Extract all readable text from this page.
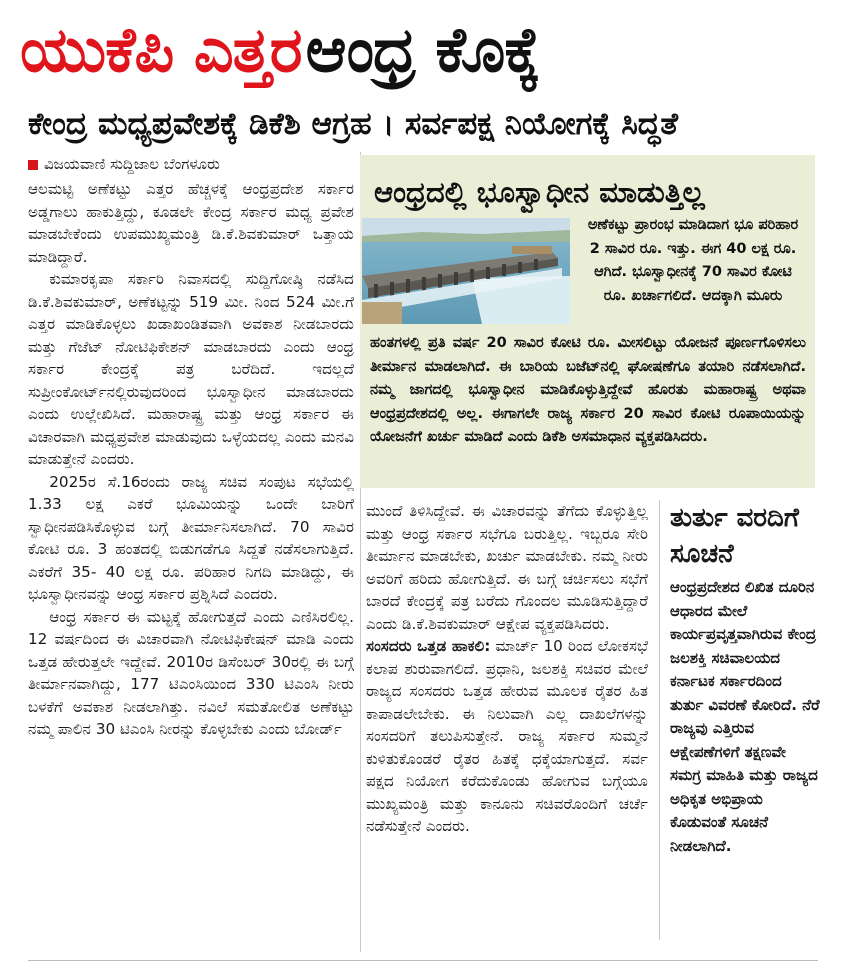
ಯುಕೆಪಿ ಎತ್ತರ ಆಂಧ್ರ ಕೊಕ್ಕೆ
ಕೇಂದ್ರ ಮಧ್ಯಪ್ರವೇಶಕ್ಕೆ ಡಿಕೆಶಿ ಆಗ್ರಹ । ಸರ್ವಪಕ್ಷ ನಿಯೋಗಕ್ಕೆ ಸಿದ್ಧತೆ
ವಿಜಯವಾಣಿ ಸುದ್ದಿಜಾಲ ಬೆಂಗಳೂರು

ಆಲಮಟ್ಟಿ ಅಣೆಕಟ್ಟು ಎತ್ತರ ಹೆಚ್ಚಳಕ್ಕೆ ಆಂಧ್ರಪ್ರದೇಶ ಸರ್ಕಾರ ಅಡ್ಡಗಾಲು ಹಾಕುತ್ತಿದ್ದು, ಕೂಡಲೇ ಕೇಂದ್ರ ಸರ್ಕಾರ ಮಧ್ಯ ಪ್ರವೇಶ ಮಾಡಬೇಕೆಂದು ಉಪಮುಖ್ಯಮಂತ್ರಿ ಡಿ.ಕೆ.ಶಿವಕುಮಾರ್ ಒತ್ತಾಯ ಮಾಡಿದ್ದಾರೆ.

ಕುಮಾರಕೃಪಾ ಸರ್ಕಾರಿ ನಿವಾಸದಲ್ಲಿ ಸುದ್ದಿಗೋಷ್ಠಿ ನಡೆಸಿದ ಡಿ.ಕೆ.ಶಿವಕುಮಾರ್, ಅಣೆಕಟ್ಟನ್ನು 519 ಮೀ. ನಿಂದ 524 ಮೀ.ಗೆ ಎತ್ತರ ಮಾಡಿಕೊಳ್ಳಲು ಖಡಾಖಂಡಿತವಾಗಿ ಅವಕಾಶ ನೀಡಬಾರದು ಮತ್ತು ಗೆಜೆಟ್ ನೋಟಿಫಿಕೇಶನ್ ಮಾಡಬಾರದು ಎಂದು ಆಂಧ್ರ ಸರ್ಕಾರ ಕೇಂದ್ರಕ್ಕೆ ಪತ್ರ ಬರೆದಿದೆ. ಇದಲ್ಲದೆ ಸುಪ್ರೀಂಕೋರ್ಟ್‌ನಲ್ಲಿರುವುದರಿಂದ ಭೂಸ್ವಾಧೀನ ಮಾಡಬಾರದು ಎಂದು ಉಲ್ಲೇಖಿಸಿದೆ. ಮಹಾರಾಷ್ಟ್ರ ಮತ್ತು ಆಂಧ್ರ ಸರ್ಕಾರ ಈ ವಿಚಾರವಾಗಿ ಮಧ್ಯಪ್ರವೇಶ ಮಾಡುವುದು ಒಳ್ಳೆಯದಲ್ಲ ಎಂದು ಮನವಿ ಮಾಡುತ್ತೇನೆ ಎಂದರು.

2025ರ ಸೆ.16ರಂದು ರಾಜ್ಯ ಸಚಿವ ಸಂಪುಟ ಸಭೆಯಲ್ಲಿ 1.33 ಲಕ್ಷ ಎಕರೆ ಭೂಮಿಯನ್ನು ಒಂದೇ ಬಾರಿಗೆ ಸ್ವಾಧೀನಪಡಿಸಿಕೊಳ್ಳುವ ಬಗ್ಗೆ ತೀರ್ಮಾನಿಸಲಾಗಿದೆ. 70 ಸಾವಿರ ಕೋಟಿ ರೂ. 3 ಹಂತದಲ್ಲಿ ಬಿಡುಗಡೆಗೂ ಸಿದ್ದತೆ ನಡೆಸಲಾಗುತ್ತಿದೆ. ಎಕರೆಗೆ 35- 40 ಲಕ್ಷ ರೂ. ಪರಿಹಾರ ನಿಗದಿ ಮಾಡಿದ್ದು, ಈ ಭೂಸ್ವಾಧೀನವನ್ನು ಆಂಧ್ರ ಸರ್ಕಾರ ಪ್ರಶ್ನಿಸಿದೆ ಎಂದರು.

ಆಂಧ್ರ ಸರ್ಕಾರ ಈ ಮಟ್ಟಕ್ಕೆ ಹೋಗುತ್ತದೆ ಎಂದು ಎಣಿಸಿರಲಿಲ್ಲ. 12 ವರ್ಷದಿಂದ ಈ ವಿಚಾರವಾಗಿ ನೋಟಿಫಿಕೇಷನ್ ಮಾಡಿ ಎಂದು ಒತ್ತಡ ಹೇರುತ್ತಲೇ ಇದ್ದೇವೆ. 2010ರ ಡಿಸೆಂಬರ್ 30ರಲ್ಲಿ ಈ ಬಗ್ಗೆ ತೀರ್ಮಾನವಾಗಿದ್ದು, 177 ಟಿಎಂಸಿಯಿಂದ 330 ಟಿಎಂಸಿ ನೀರು ಬಳಕೆಗೆ ಅವಕಾಶ ನೀಡಲಾಗಿತ್ತು. ನವಿಲೆ ಸಮತೋಲಿತ ಅಣೆಕಟ್ಟು ನಮ್ಮ ಪಾಲಿನ 30 ಟಿಎಂಸಿ ನೀರನ್ನು ಕೊಳ್ಳಬೇಕು ಎಂದು ಬೋರ್ಡ್

ಆಂಧ್ರದಲ್ಲಿ ಭೂಸ್ವಾಧೀನ ಮಾಡುತ್ತಿಲ್ಲ
ಅಣೆಕಟ್ಟು ಪ್ರಾರಂಭ ಮಾಡಿದಾಗ ಭೂ ಪರಿಹಾರ 2 ಸಾವಿರ ರೂ. ಇತ್ತು. ಈಗ 40 ಲಕ್ಷ ರೂ. ಆಗಿದೆ. ಭೂಸ್ವಾಧೀನಕ್ಕೆ 70 ಸಾವಿರ ಕೋಟಿ ರೂ. ಖರ್ಚಾಗಲಿದೆ. ಆದಕ್ಕಾಗಿ ಮೂರು
ಹಂತಗಳಲ್ಲಿ ಪ್ರತಿ ವರ್ಷ 20 ಸಾವಿರ ಕೋಟಿ ರೂ. ಮೀಸಲಿಟ್ಟು ಯೋಜನೆ ಪೂರ್ಣಗೊಳಿಸಲು ತೀರ್ಮಾನ ಮಾಡಲಾಗಿದೆ. ಈ ಬಾರಿಯ ಬಜೆಟ್‌ನಲ್ಲಿ ಘೋಷಣೆಗೂ ತಯಾರಿ ನಡೆಸಲಾಗಿದೆ. ನಮ್ಮ ಜಾಗದಲ್ಲಿ ಭೂಸ್ವಾಧೀನ ಮಾಡಿಕೊಳ್ಳುತ್ತಿದ್ದೇವೆ ಹೊರತು ಮಹಾರಾಷ್ಟ್ರ ಅಥವಾ ಆಂಧ್ರಪ್ರದೇಶದಲ್ಲಿ ಅಲ್ಲ. ಈಗಾಗಲೇ ರಾಜ್ಯ ಸರ್ಕಾರ 20 ಸಾವಿರ ಕೋಟಿ ರೂಪಾಯಿಯನ್ನು ಯೋಜನೆಗೆ ಖರ್ಚು ಮಾಡಿದೆ ಎಂದು ಡಿಕೆಶಿ ಅಸಮಾಧಾನ ವ್ಯಕ್ತಪಡಿಸಿದರು.

ಮುಂದೆ ತಿಳಿಸಿದ್ದೇವೆ. ಈ ವಿಚಾರವನ್ನು ತೆಗೆದು ಕೊಳ್ಳುತ್ತಿಲ್ಲ ಮತ್ತು ಆಂಧ್ರ ಸರ್ಕಾರ ಸಭೆಗೂ ಬರುತ್ತಿಲ್ಲ. ಇಬ್ಬರೂ ಸೇರಿ ತೀರ್ಮಾನ ಮಾಡಬೇಕು, ಖರ್ಚು ಮಾಡಬೇಕು. ನಮ್ಮ ನೀರು ಅವರಿಗೆ ಹರಿದು ಹೋಗುತ್ತಿದೆ. ಈ ಬಗ್ಗೆ ಚರ್ಚಿಸಲು ಸಭೆಗೆ ಬಾರದೆ ಕೇಂದ್ರಕ್ಕೆ ಪತ್ರ ಬರೆದು ಗೊಂದಲ ಮೂಡಿಸುತ್ತಿದ್ದಾರೆ ಎಂದು ಡಿ.ಕೆ.ಶಿವಕುಮಾರ್ ಆಕ್ಷೇಪ ವ್ಯಕ್ತಪಡಿಸಿದರು.

ಸಂಸದರು ಒತ್ತಡ ಹಾಕಲಿ: ಮಾರ್ಚ್ 10 ರಿಂದ ಲೋಕಸಭೆ ಕಲಾಪ ಶುರುವಾಗಲಿದೆ. ಪ್ರಧಾನಿ, ಜಲಶಕ್ತಿ ಸಚಿವರ ಮೇಲೆ ರಾಜ್ಯದ ಸಂಸದರು ಒತ್ತಡ ಹೇರುವ ಮೂಲಕ ರೈತರ ಹಿತ ಕಾಪಾಡಲೇಬೇಕು. ಈ ನಿಲುವಾಗಿ ಎಲ್ಲ ದಾಖಲೆಗಳನ್ನು ಸಂಸದರಿಗೆ ತಲುಪಿಸುತ್ತೇನೆ. ರಾಜ್ಯ ಸರ್ಕಾರ ಸುಮ್ಮನೆ ಕುಳಿತುಕೊಂಡರೆ ರೈತರ ಹಿತಕ್ಕೆ ಧಕ್ಕೆಯಾಗುತ್ತದೆ. ಸರ್ವ ಪಕ್ಷದ ನಿಯೋಗ ಕರೆದುಕೊಂಡು ಹೋಗುವ ಬಗ್ಗೆಯೂ ಮುಖ್ಯಮಂತ್ರಿ ಮತ್ತು ಕಾನೂನು ಸಚಿವರೊಂದಿಗೆ ಚರ್ಚೆ ನಡೆಸುತ್ತೇನೆ ಎಂದರು.

ತುರ್ತು ವರದಿಗೆ ಸೂಚನೆ

ಆಂಧ್ರಪ್ರದೇಶದ ಲಿಖಿತ ದೂರಿನ ಆಧಾರದ ಮೇಲೆ ಕಾರ್ಯಪ್ರವೃತ್ತವಾಗಿರುವ ಕೇಂದ್ರ ಜಲಶಕ್ತಿ ಸಚಿವಾಲಯದ ಕರ್ನಾಟಕ ಸರ್ಕಾರದಿಂದ ತುರ್ತು ವಿವರಣೆ ಕೋರಿದೆ. ನೆರೆ ರಾಜ್ಯವು ಎತ್ತಿರುವ ಆಕ್ಷೇಪಣೆಗಳಿಗೆ ತಕ್ಷಣವೇ ಸಮಗ್ರ ಮಾಹಿತಿ ಮತ್ತು ರಾಜ್ಯದ ಅಧಿಕೃತ ಅಭಿಪ್ರಾಯ ಕೊಡುವಂತೆ ಸೂಚನೆ ನೀಡಲಾಗಿದೆ.
